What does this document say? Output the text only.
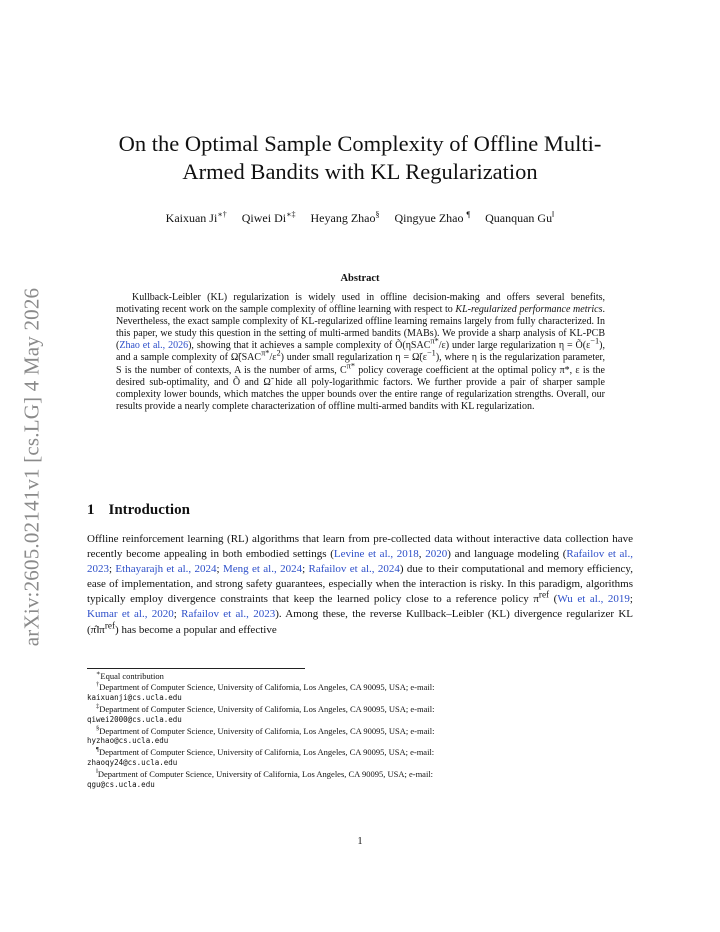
arXiv:2605.02141v1 [cs.LG] 4 May 2026
On the Optimal Sample Complexity of Offline Multi-
Armed Bandits with KL Regularization
Kaixuan Ji∗† Qiwei Di∗‡ Heyang Zhao§ Qingyue Zhao ¶ Quanquan Gu‖
Abstract

Kullback-Leibler (KL) regularization is widely used in offline decision-making and offers several benefits, motivating recent work on the sample complexity of offline learning with respect to KL-regularized performance metrics. Nevertheless, the exact sample complexity of KL-regularized offline learning remains largely from fully characterized. In this paper, we study this question in the setting of multi-armed bandits (MABs). We provide a sharp analysis of KL-PCB (Zhao et al., 2026), showing that it achieves a sample complexity of Õ(ηSAC$^{\pi*}$/ε) under large regularization $\eta = Õ(\varepsilon^{-1})$, and a sample complexity of $\Omegã(SAC^{\pi*}/\varepsilon^2)$ under small regularization $\eta = \Omegã(\varepsilon^{-1})$, where η is the regularization parameter, S is the number of contexts, A is the number of arms, $C^{\pi*}$ policy coverage coefficient at the optimal policy π*, ε is the desired sub-optimality, and Õ and Ω̃ hide all poly-logarithmic factors. We further provide a pair of sharper sample complexity lower bounds, which matches the upper bounds over the entire range of regularization strengths. Overall, our results provide a nearly complete characterization of offline multi-armed bandits with KL regularization.

1 Introduction

Offline reinforcement learning (RL) algorithms that learn from pre-collected data without interactive data collection have recently become appealing in both embodied settings (Levine et al., 2018, 2020) and language modeling (Rafailov et al., 2023; Ethayarajh et al., 2024; Meng et al., 2024; Rafailov et al., 2024) due to their computational and memory efficiency, ease of implementation, and strong safety guarantees, especially when the interaction is risky. In this paradigm, algorithms typically employ divergence constraints that keep the learned policy close to a reference policy $\pi^{ref}$ (Wu et al., 2019; Kumar et al., 2020; Rafailov et al., 2023). Among these, the reverse Kullback–Leibler (KL) divergence regularizer KL $(\pî‖\pi^{ref})$ has become a popular and effective

∗Equal contribution
†Department of Computer Science, University of California, Los Angeles, CA 90095, USA; e-mail:
kaixuanji@cs.ucla.edu
‡Department of Computer Science, University of California, Los Angeles, CA 90095, USA; e-mail:
qiwei2000@cs.ucla.edu
§Department of Computer Science, University of California, Los Angeles, CA 90095, USA; e-mail:
hyzhao@cs.ucla.edu
¶Department of Computer Science, University of California, Los Angeles, CA 90095, USA; e-mail:
zhaoqy24@cs.ucla.edu
‖Department of Computer Science, University of California, Los Angeles, CA 90095, USA; e-mail:
qgu@cs.ucla.edu
1
